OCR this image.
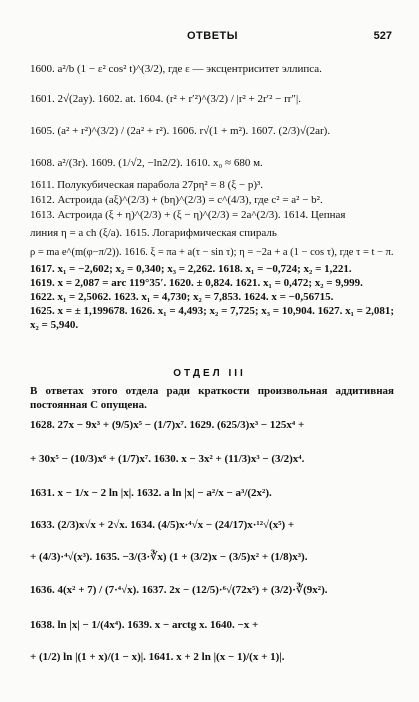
ОТВЕТЫ	527
1600. a²/b (1 − ε² cos² t)^(3/2), где ε — эксцентриситет эллипса.
1601. 2√(2ay). 1602. at. 1604. (r² + r′²)^(3/2) / |r² + 2r′² − rr″|.
1605. (a² + r²)^(3/2) / (2a² + r²). 1606. r√(1 + m²). 1607. (2/3)√(2ar).
1608. a²/(3r). 1609. (1/√2, −ln2/2). 1610. x₀ ≈ 680 м.
1611. Полукубическая парабола 27pη² = 8 (ξ − p)³.
1612. Астроида (aξ)^(2/3) + (bη)^(2/3) = c^(4/3), где c² = a² − b².
1613. Астроида (ξ + η)^(2/3) + (ξ − η)^(2/3) = 2a^(2/3). 1614. Цепная
линия η = a ch (ξ/a). 1615. Логарифмическая спираль
ρ = ma e^(m(φ−π/2)). 1616. ξ = πa + a(τ − sin τ); η = −2a + a (1 − cos τ), где τ = t − π.
1617. x₁ = −2,602; x₂ = 0,340; x₃ = 2,262. 1618. x₁ = −0,724; x₂ = 1,221.
1619. x = 2,087 = arc 119°35′. 1620. ± 0,824. 1621. x₁ = 0,472; x₂ = 9,999.
1622. x₁ = 2,5062. 1623. x₁ = 4,730; x₂ = 7,853. 1624. x = −0,56715.
1625. x = ± 1,199678. 1626. x₁ = 4,493; x₂ = 7,725; x₃ = 10,904. 1627. x₁ = 2,081;
x₂ = 5,940.
ОТДЕЛ III
В ответах этого отдела ради краткости произвольная аддитивная постоянная C опущена.
1628. 27x − 9x³ + (9/5)x⁵ − (1/7)x⁷. 1629. (625/3)x³ − 125x⁴ +
+ 30x⁵ − (10/3)x⁶ + (1/7)x⁷. 1630. x − 3x² + (11/3)x³ − (3/2)x⁴.
1631. x − 1/x − 2 ln |x|. 1632. a ln |x| − a²/x − a³/(2x²).
1633. (2/3)x√x + 2√x. 1634. (4/5)x·⁴√x − (24/17)x·¹²√(x⁵) +
+ (4/3)·⁴√(x³). 1635. −3/(3·∛x) (1 + (3/2)x − (3/5)x² + (1/8)x³).
1636. 4(x² + 7) / (7·⁴√x). 1637. 2x − (12/5)·⁶√(72x⁵) + (3/2)·∛(9x²).
1638. ln |x| − 1/(4x⁴). 1639. x − arctg x. 1640. −x +
+ (1/2) ln |(1 + x)/(1 − x)|. 1641. x + 2 ln |(x − 1)/(x + 1)|.
